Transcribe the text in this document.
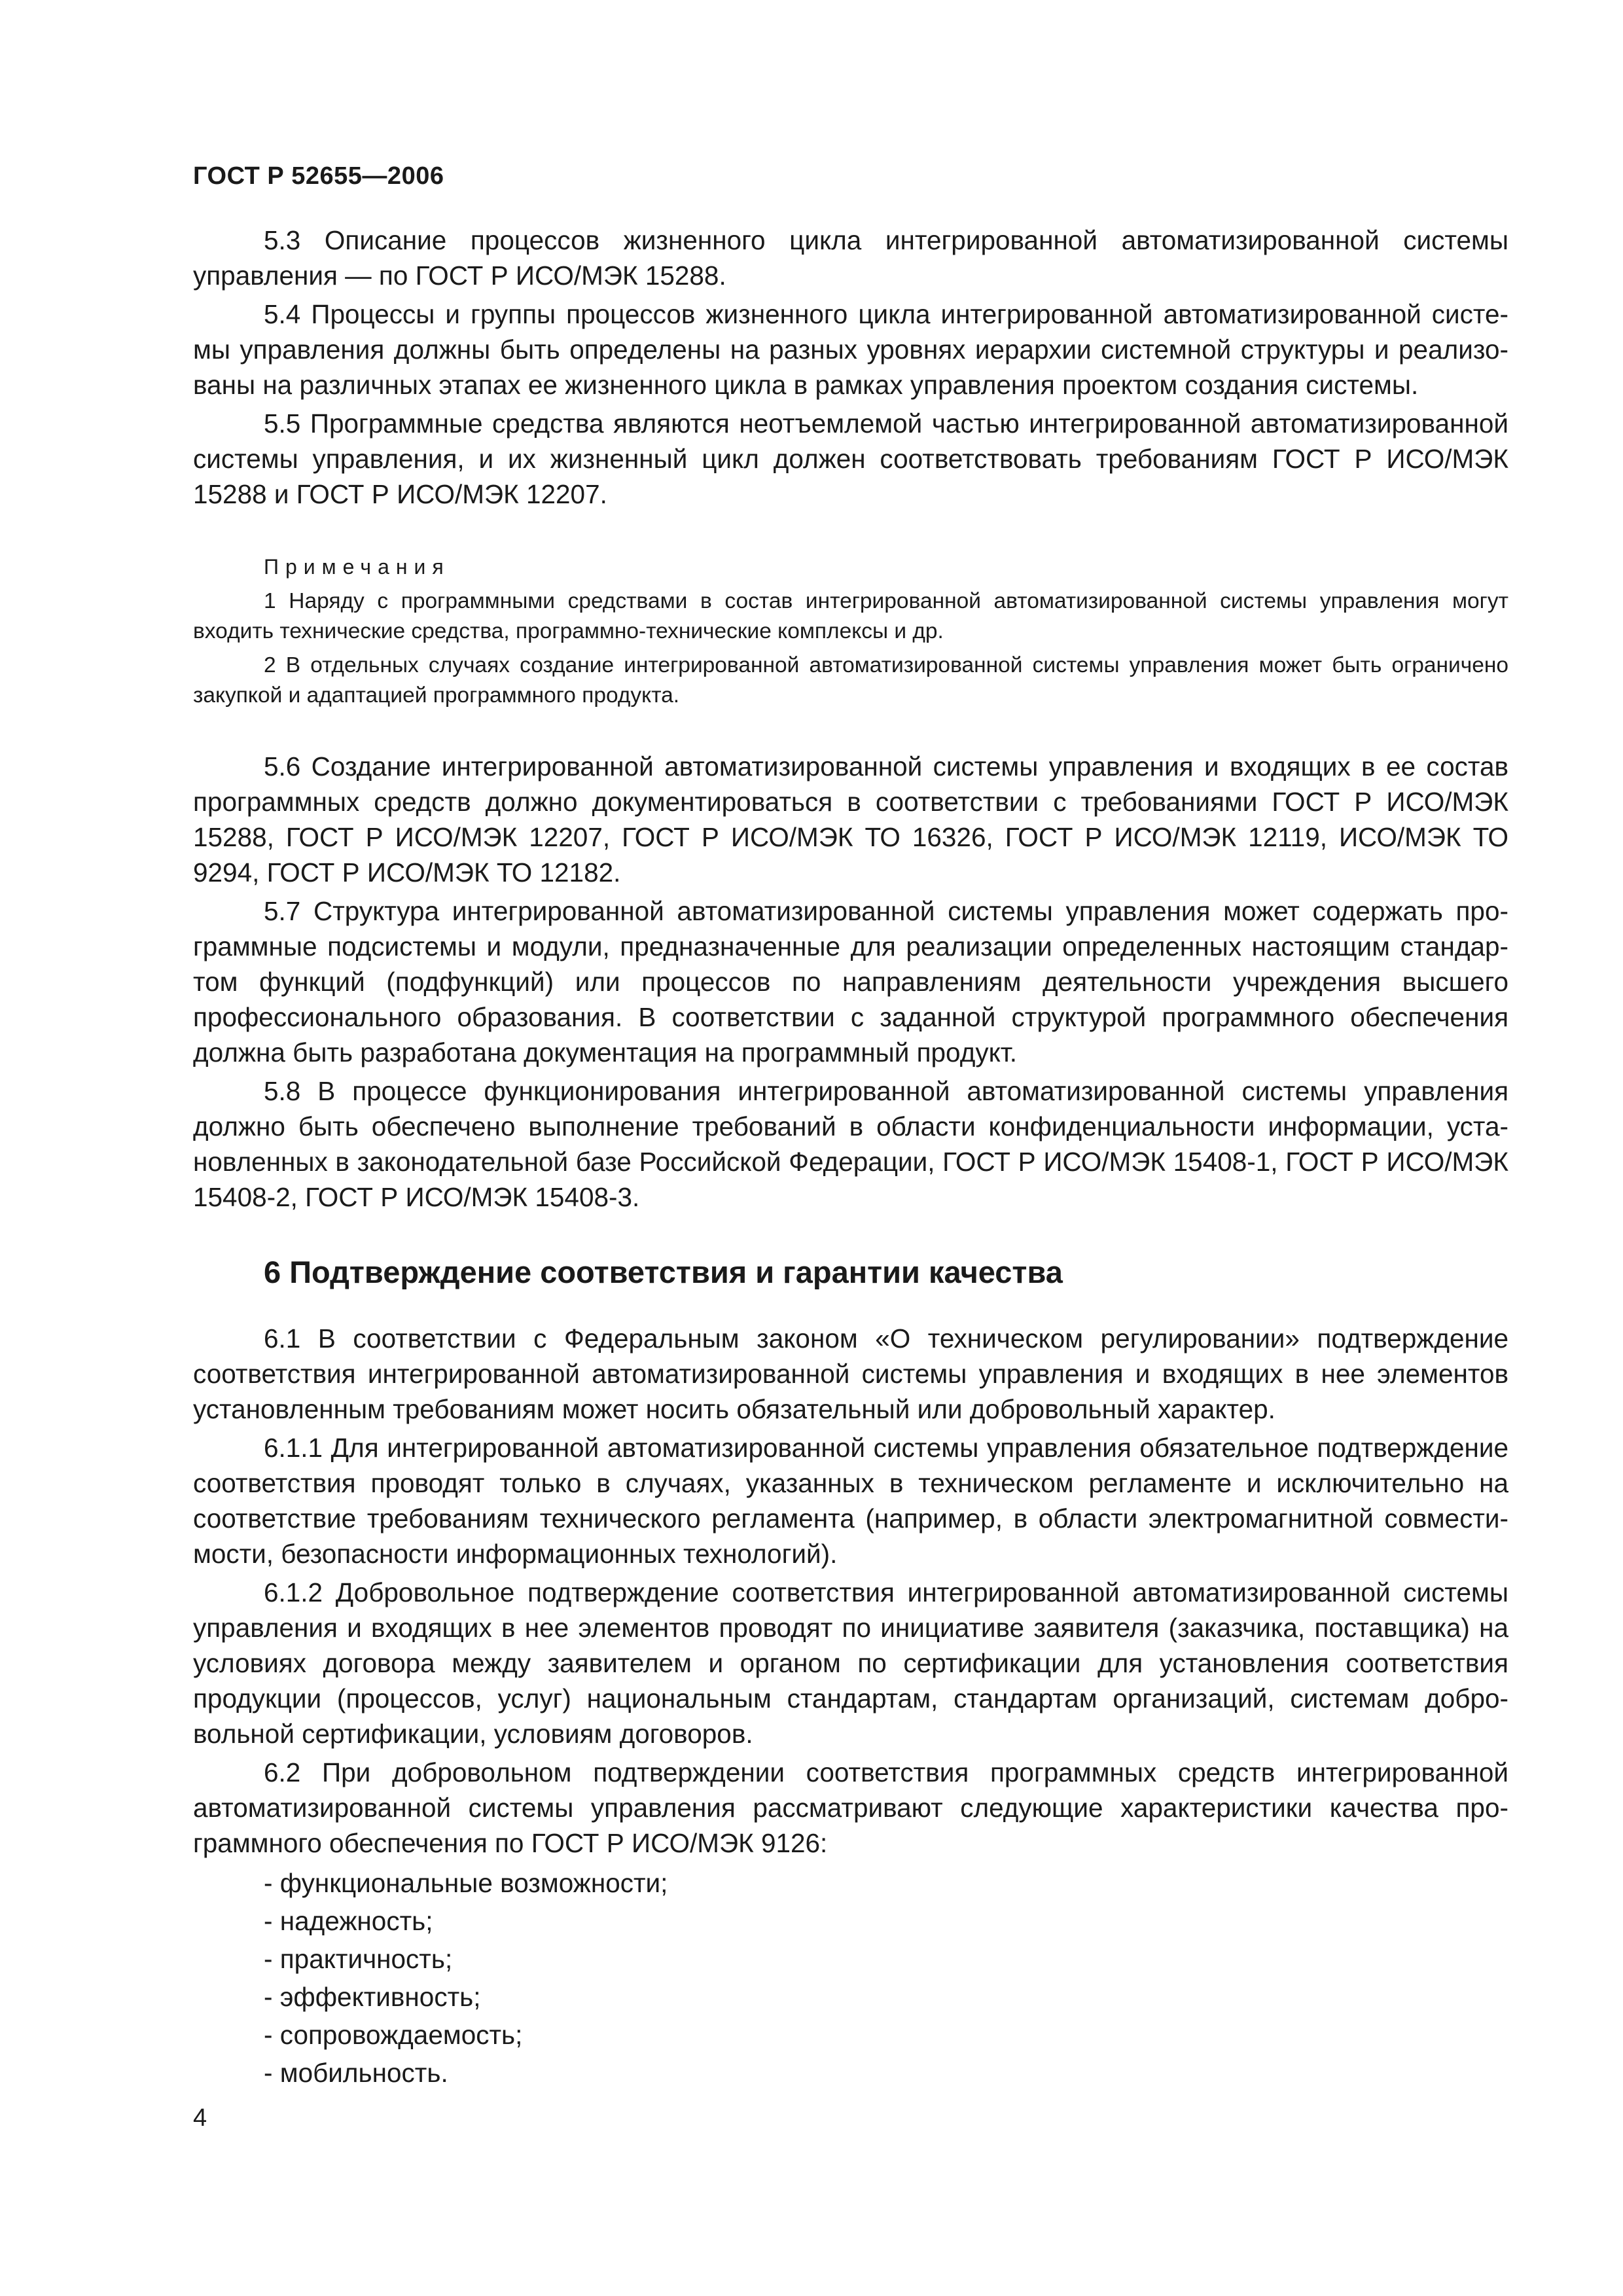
ГОСТ Р 52655—2006

5.3 Описание процессов жизненного цикла интегрированной автоматизированной системы управления — по ГОСТ Р ИСО/МЭК 15288.

5.4 Процессы и группы процессов жизненного цикла интегрированной автоматизированной системы управления должны быть определены на разных уровнях иерархии системной структуры и реализованы на различных этапах ее жизненного цикла в рамках управления проектом создания системы.

5.5 Программные средства являются неотъемлемой частью интегрированной автоматизированной системы управления, и их жизненный цикл должен соответствовать требованиям ГОСТ Р ИСО/МЭК 15288 и ГОСТ Р ИСО/МЭК 12207.

Примечания

1 Наряду с программными средствами в состав интегрированной автоматизированной системы управления могут входить технические средства, программно-технические комплексы и др.

2 В отдельных случаях создание интегрированной автоматизированной системы управления может быть ограничено закупкой и адаптацией программного продукта.

5.6 Создание интегрированной автоматизированной системы управления и входящих в ее состав программных средств должно документироваться в соответствии с требованиями ГОСТ Р ИСО/МЭК 15288, ГОСТ Р ИСО/МЭК 12207, ГОСТ Р ИСО/МЭК ТО 16326, ГОСТ Р ИСО/МЭК 12119, ИСО/МЭК ТО 9294, ГОСТ Р ИСО/МЭК ТО 12182.

5.7 Структура интегрированной автоматизированной системы управления может содержать программные подсистемы и модули, предназначенные для реализации определенных настоящим стандартом функций (подфункций) или процессов по направлениям деятельности учреждения высшего профессионального образования. В соответствии с заданной структурой программного обеспечения должна быть разработана документация на программный продукт.

5.8 В процессе функционирования интегрированной автоматизированной системы управления должно быть обеспечено выполнение требований в области конфиденциальности информации, установленных в законодательной базе Российской Федерации, ГОСТ Р ИСО/МЭК 15408-1, ГОСТ Р ИСО/МЭК 15408-2, ГОСТ Р ИСО/МЭК 15408-3.

6 Подтверждение соответствия и гарантии качества

6.1 В соответствии с Федеральным законом «О техническом регулировании» подтверждение соответствия интегрированной автоматизированной системы управления и входящих в нее элементов установленным требованиям может носить обязательный или добровольный характер.

6.1.1 Для интегрированной автоматизированной системы управления обязательное подтверждение соответствия проводят только в случаях, указанных в техническом регламенте и исключительно на соответствие требованиям технического регламента (например, в области электромагнитной совместимости, безопасности информационных технологий).

6.1.2 Добровольное подтверждение соответствия интегрированной автоматизированной системы управления и входящих в нее элементов проводят по инициативе заявителя (заказчика, поставщика) на условиях договора между заявителем и органом по сертификации для установления соответствия продукции (процессов, услуг) национальным стандартам, стандартам организаций, системам добровольной сертификации, условиям договоров.

6.2 При добровольном подтверждении соответствия программных средств интегрированной автоматизированной системы управления рассматривают следующие характеристики качества программного обеспечения по ГОСТ Р ИСО/МЭК 9126:

- функциональные возможности;
- надежность;
- практичность;
- эффективность;
- сопровождаемость;
- мобильность.
4
